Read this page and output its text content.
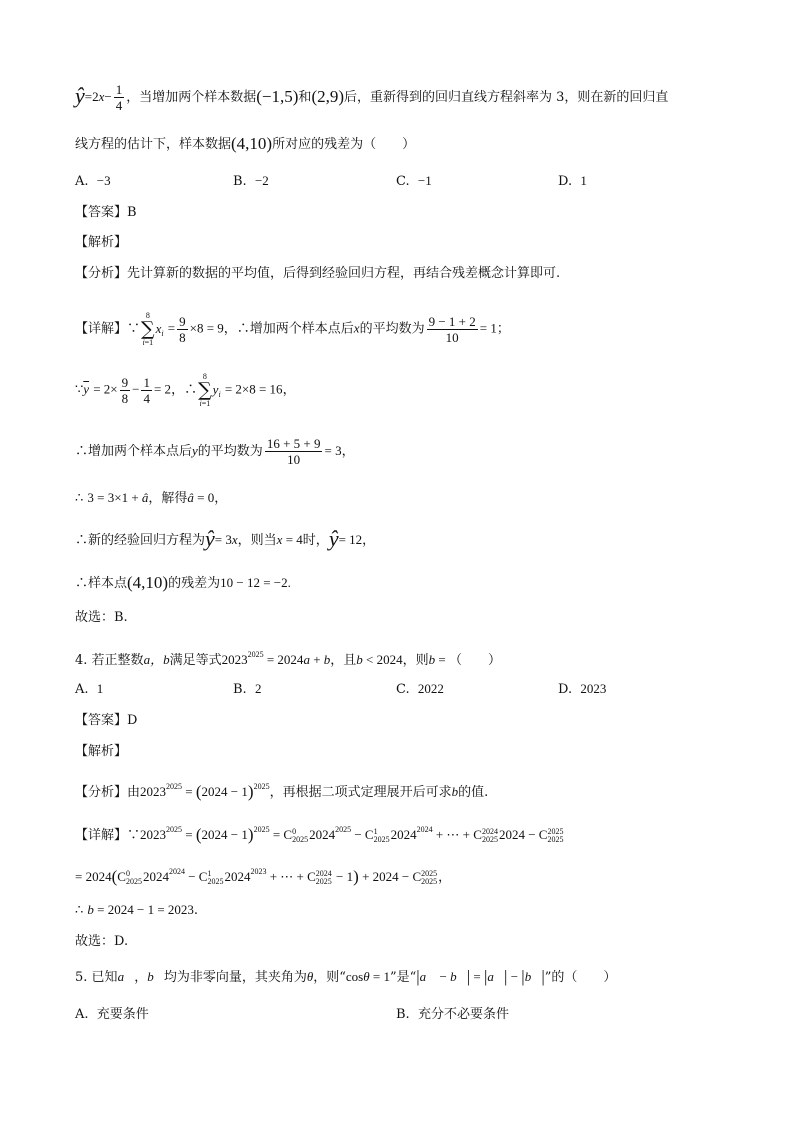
ŷ=2x− $\frac{1}{4}$ ，当增加两个样本数据(−1,5)和(2,9)后，重新得到的回归直线方程斜率为 3，则在新的回归直
线方程的估计下，样本数据(4,10)所对应的残差为（　　）
A. −3	B. −2	C. −1	D. 1
【答案】B
【解析】
【分析】先计算新的数据的平均值，后得到经验回归方程，再结合残差概念计算即可.
【详解】∵
8
∑
i=1
$x_i = \frac{9}{8} \times 8 = 9$，∴增加两个样本点后x的平均数为 $\frac{9 - 1 + 2}{10} = 1$；
$\because\overline{y} = 2\times \frac{9}{8} - \frac{1}{4} = 2$，∴
8
∑
i=1
$y_i = 2\times 8 = 16$，
∴增加两个样本点后y的平均数为 $\frac{16 + 5 + 9}{10} = 3$，
∴ 3 = 3×1 + â，解得â = 0，
∴新的经验回归方程为ŷ= 3x，则当x = 4时，ŷ= 12，
∴样本点(4,10)的残差为10 − 12 = −2.
故选：B.
4. 若正整数a，b满足等式$2023^{2025} = 2024a + b$，且b < 2024，则b = （　　）
A. 1	B. 2	C. 2022	D. 2023
【答案】D
【解析】
【分析】由$2023^{2025} = (2024 - 1)^{2025}$，再根据二项式定理展开后可求b的值.
【详解】$\because 2023^{2025} = (2024 - 1)^{2025} = C$ 0
2025 $2024^{2025} - C$ 1
2025 $2024^{2024}$ + ⋯ + C 2024
2025 2024 − C 2025
2025
= 2024(C 0
2025 $2024^{2024} - C$ 1
2025 $2024^{2023}$ + ⋯ + C 2024
2025 − 1) + 2024 − C 2025
2025 ，
∴ b = 2024 − 1 = 2023.
故选：D.
5. 已知a⃗，b⃗均为非零向量，其夹角为θ，则“cosθ = 1”是“|a⃗ − b⃗| = |a⃗| − |b⃗|”的（　　）
A. 充要条件	B. 充分不必要条件
